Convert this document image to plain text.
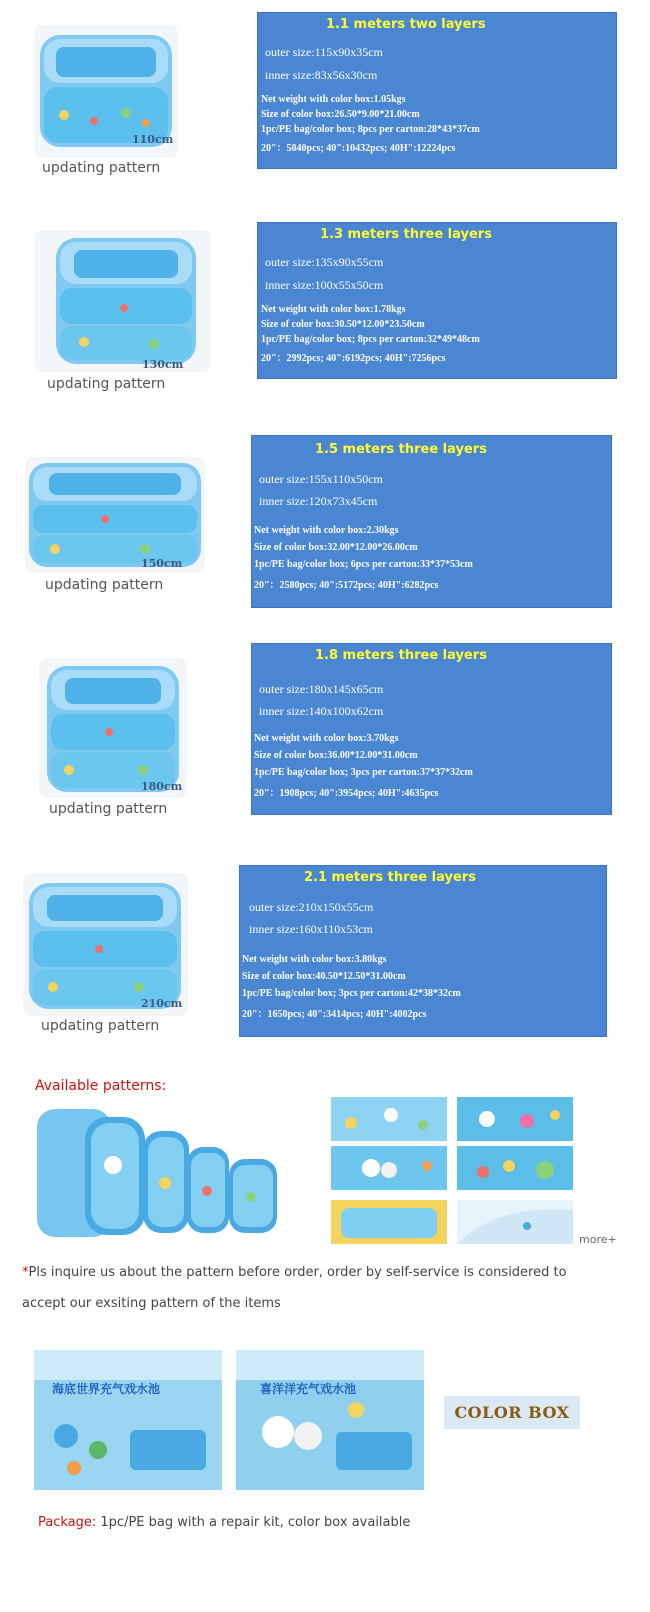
110cm
updating pattern
1.1 meters two layers
outer size:115x90x35cm
inner size:83x56x30cm
Net weight with color box:1.05kgs
Size of color box:26.50*9.00*21.00cm
1pc/PE bag/color box; 8pcs per carton:28*43*37cm
20"：5040pcs; 40":10432pcs; 40H":12224pcs
130cm
updating pattern
1.3 meters three layers
outer size:135x90x55cm
inner size:100x55x50cm
Net weight with color box:1.78kgs
Size of color box:30.50*12.00*23.50cm
1pc/PE bag/color box; 8pcs per carton:32*49*48cm
20"：2992pcs; 40":6192pcs; 40H":7256pcs
150cm
updating pattern
1.5 meters three layers
outer size:155x110x50cm
inner size:120x73x45cm
Net weight with color box:2.30kgs
Size of color box:32.00*12.00*26.00cm
1pc/PE bag/color box; 6pcs per carton:33*37*53cm
20"：2580pcs; 40":5172pcs; 40H":6282pcs
180cm
updating pattern
1.8 meters three layers
outer size:180x145x65cm
inner size:140x100x62cm
Net weight with color box:3.70kgs
Size of color box:36.00*12.00*31.00cm
1pc/PE bag/color box; 3pcs per carton:37*37*32cm
20"：1908pcs; 40":3954pcs; 40H":4635pcs
210cm
updating pattern
2.1 meters three layers
outer size:210x150x55cm
inner size:160x110x53cm
Net weight with color box:3.80kgs
Size of color box:40.50*12.50*31.00cm
1pc/PE bag/color box; 3pcs per carton:42*38*32cm
20"：1650pcs; 40":3414pcs; 40H":4002pcs
Available patterns:
more+
*Pls inquire us about the pattern before order, order by self-service is considered to
accept our exsiting pattern of the items
海底世界充气戏水池	喜洋洋充气戏水池
COLOR BOX
Package: 1pc/PE bag with a repair kit, color box available
